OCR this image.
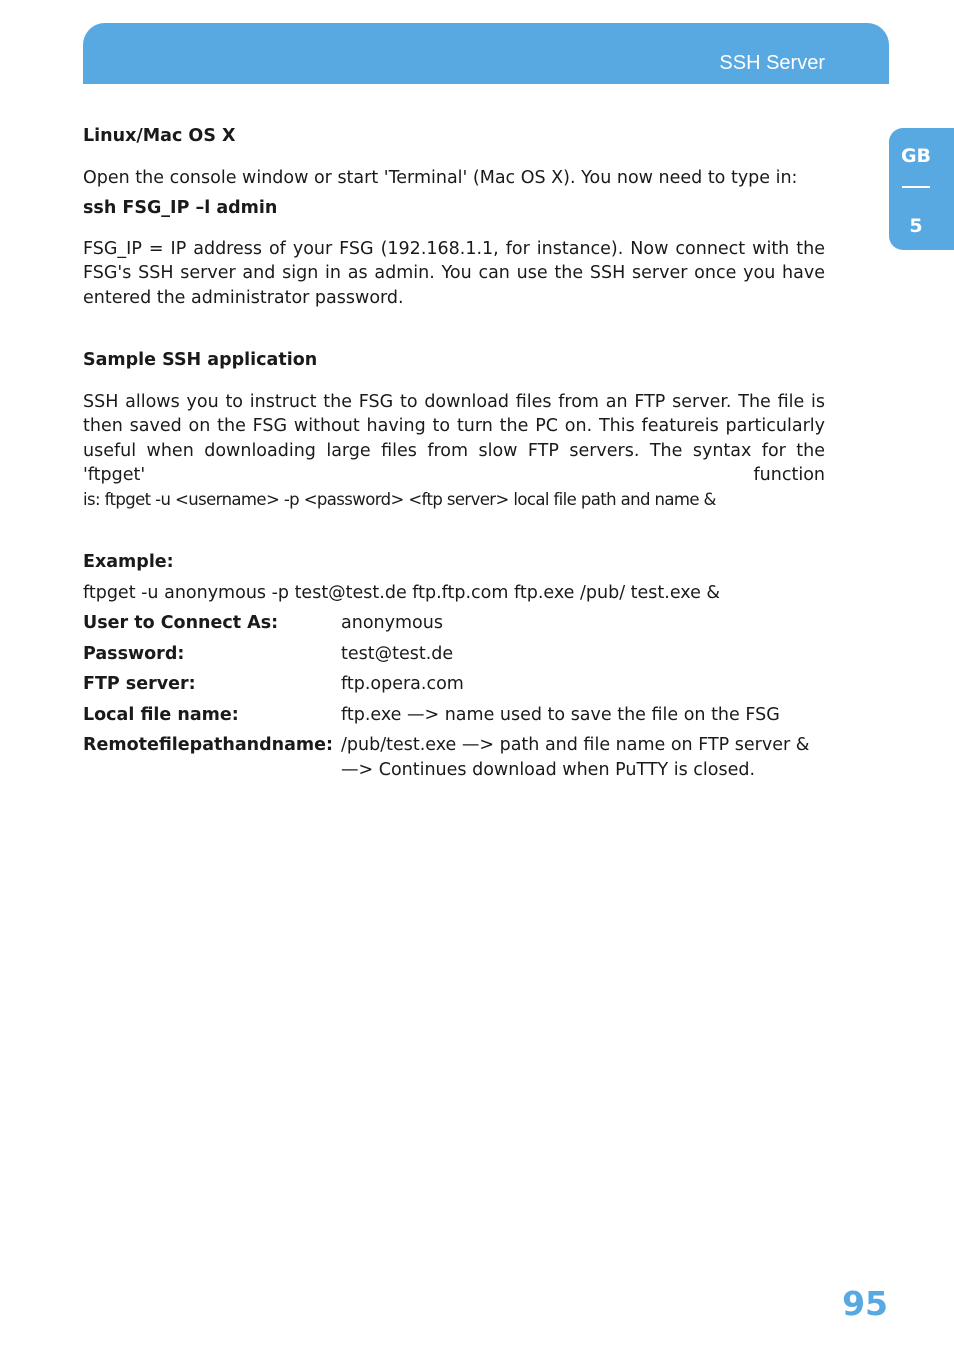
SSH Server
GB
5

Linux/Mac OS X

Open the console window or start 'Terminal' (Mac OS X). You now need to type in:

ssh FSG_IP –l admin

FSG_IP = IP address of your FSG (192.168.1.1, for instance). Now connect with the FSG's SSH server and sign in as admin. You can use the SSH server once you have entered the administrator password.

Sample SSH application

SSH allows you to instruct the FSG to download files from an FTP server. The file is then saved on the FSG without having to turn the PC on. This featureis particularly useful when downloading large files from slow FTP servers. The syntax for the 'ftpget' function

is: ftpget -u <username> -p <password> <ftp server> local file path and name &

Example:

ftpget -u anonymous -p test@test.de ftp.ftp.com ftp.exe /pub/ test.exe &

User to Connect As:	anonymous
Password:	test@test.de
FTP server:	ftp.opera.com
Local file name:	ftp.exe —> name used to save the file on the FSG
Remotefilepathandname: /pub/test.exe —> path and file name on FTP server &
—> Continues download when PuTTY is closed.
95
